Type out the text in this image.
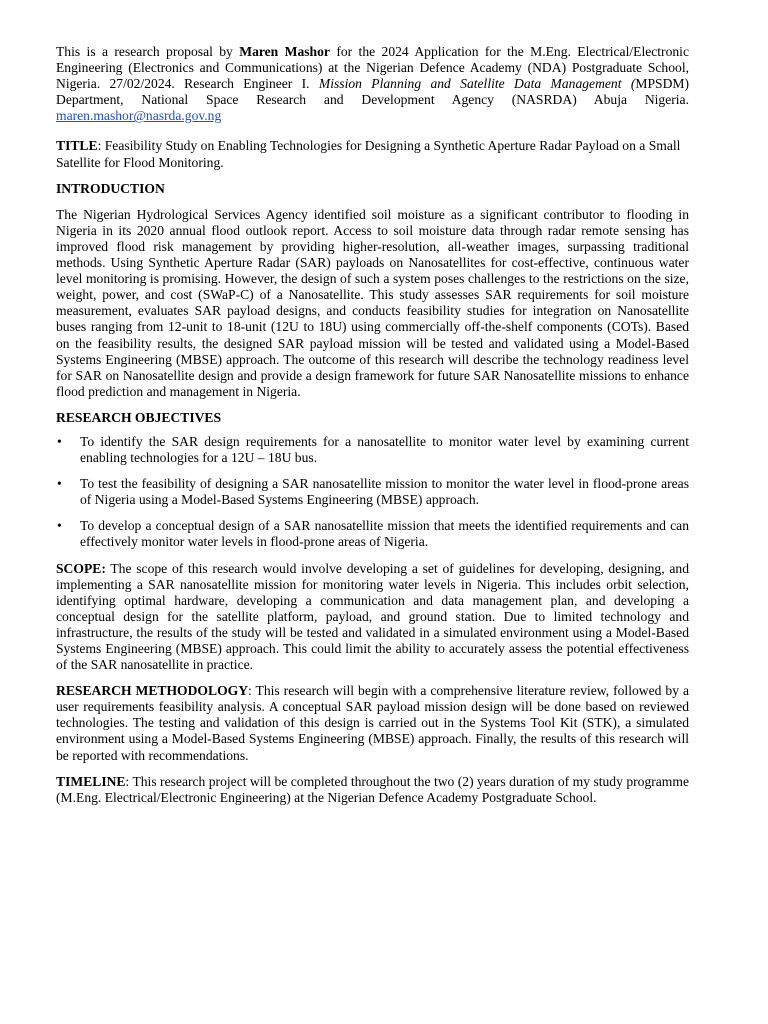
This is a research proposal by Maren Mashor for the 2024 Application for the M.Eng. Electrical/Electronic Engineering (Electronics and Communications) at the Nigerian Defence Academy (NDA) Postgraduate School, Nigeria. 27/02/2024. Research Engineer I. Mission Planning and Satellite Data Management (MPSDM) Department, National Space Research and Development Agency (NASRDA) Abuja Nigeria. maren.mashor@nasrda.gov.ng

TITLE: Feasibility Study on Enabling Technologies for Designing a Synthetic Aperture Radar Payload on a Small Satellite for Flood Monitoring.

INTRODUCTION

The Nigerian Hydrological Services Agency identified soil moisture as a significant contributor to flooding in Nigeria in its 2020 annual flood outlook report. Access to soil moisture data through radar remote sensing has improved flood risk management by providing higher-resolution, all-weather images, surpassing traditional methods. Using Synthetic Aperture Radar (SAR) payloads on Nanosatellites for cost-effective, continuous water level monitoring is promising. However, the design of such a system poses challenges to the restrictions on the size, weight, power, and cost (SWaP-C) of a Nanosatellite. This study assesses SAR requirements for soil moisture measurement, evaluates SAR payload designs, and conducts feasibility studies for integration on Nanosatellite buses ranging from 12-unit to 18-unit (12U to 18U) using commercially off-the-shelf components (COTs). Based on the feasibility results, the designed SAR payload mission will be tested and validated using a Model-Based Systems Engineering (MBSE) approach. The outcome of this research will describe the technology readiness level for SAR on Nanosatellite design and provide a design framework for future SAR Nanosatellite missions to enhance flood prediction and management in Nigeria.

RESEARCH OBJECTIVES

• To identify the SAR design requirements for a nanosatellite to monitor water level by examining current enabling technologies for a 12U – 18U bus.
• To test the feasibility of designing a SAR nanosatellite mission to monitor the water level in flood-prone areas of Nigeria using a Model-Based Systems Engineering (MBSE) approach.
• To develop a conceptual design of a SAR nanosatellite mission that meets the identified requirements and can effectively monitor water levels in flood-prone areas of Nigeria.

SCOPE: The scope of this research would involve developing a set of guidelines for developing, designing, and implementing a SAR nanosatellite mission for monitoring water levels in Nigeria. This includes orbit selection, identifying optimal hardware, developing a communication and data management plan, and developing a conceptual design for the satellite platform, payload, and ground station. Due to limited technology and infrastructure, the results of the study will be tested and validated in a simulated environment using a Model-Based Systems Engineering (MBSE) approach. This could limit the ability to accurately assess the potential effectiveness of the SAR nanosatellite in practice.

RESEARCH METHODOLOGY: This research will begin with a comprehensive literature review, followed by a user requirements feasibility analysis. A conceptual SAR payload mission design will be done based on reviewed technologies. The testing and validation of this design is carried out in the Systems Tool Kit (STK), a simulated environment using a Model-Based Systems Engineering (MBSE) approach. Finally, the results of this research will be reported with recommendations.

TIMELINE: This research project will be completed throughout the two (2) years duration of my study programme (M.Eng. Electrical/Electronic Engineering) at the Nigerian Defence Academy Postgraduate School.
